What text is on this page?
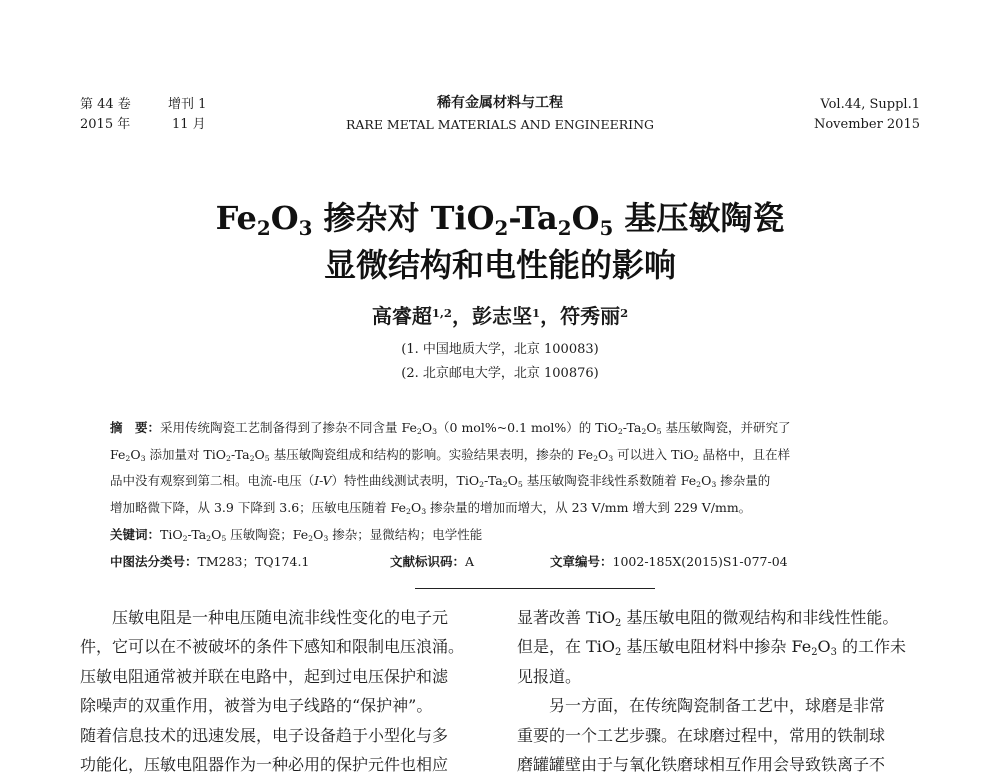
第 44 卷	增刊 1
2015 年	11 月
稀有金属材料与工程
RARE METAL MATERIALS AND ENGINEERING
Vol.44, Suppl.1
November 2015
Fe2O3 掺杂对 TiO2-Ta2O5 基压敏陶瓷
显微结构和电性能的影响
高睿超$^{1,2}$，彭志坚$^1$，符秀丽$^2$
(1. 中国地质大学，北京 100083)
(2. 北京邮电大学，北京 100876)
摘　要：采用传统陶瓷工艺制备得到了掺杂不同含量 Fe2O3（0 mol%~0.1 mol%）的 TiO2-Ta2O5 基压敏陶瓷，并研究了
Fe2O3 添加量对 TiO2-Ta2O5 基压敏陶瓷组成和结构的影响。实验结果表明，掺杂的 Fe2O3 可以进入 TiO2 晶格中，且在样
品中没有观察到第二相。电流-电压（I-V）特性曲线测试表明，TiO2-Ta2O5 基压敏陶瓷非线性系数随着 Fe2O3 掺杂量的
增加略微下降，从 3.9 下降到 3.6；压敏电压随着 Fe2O3 掺杂量的增加而增大，从 23 V/mm 增大到 229 V/mm。
关键词：TiO2-Ta2O5 压敏陶瓷；Fe2O3 掺杂；显微结构；电学性能
中图法分类号：TM283；TQ174.1	文献标识码：A	文章编号：1002-185X(2015)S1-077-04
压敏电阻是一种电压随电流非线性变化的电子元
件，它可以在不被破坏的条件下感知和限制电压浪涌。
压敏电阻通常被并联在电路中，起到过电压保护和滤
除噪声的双重作用，被誉为电子线路的“保护神”。
随着信息技术的迅速发展，电子设备趋于小型化与多
功能化，压敏电阻器作为一种必用的保护元件也相应
显著改善 TiO2 基压敏电阻的微观结构和非线性性能。
但是，在 TiO2 基压敏电阻材料中掺杂 Fe2O3 的工作未
见报道。
另一方面，在传统陶瓷制备工艺中，球磨是非常
重要的一个工艺步骤。在球磨过程中，常用的铁制球
磨罐罐壁由于与氧化铁磨球相互作用会导致铁离子不
